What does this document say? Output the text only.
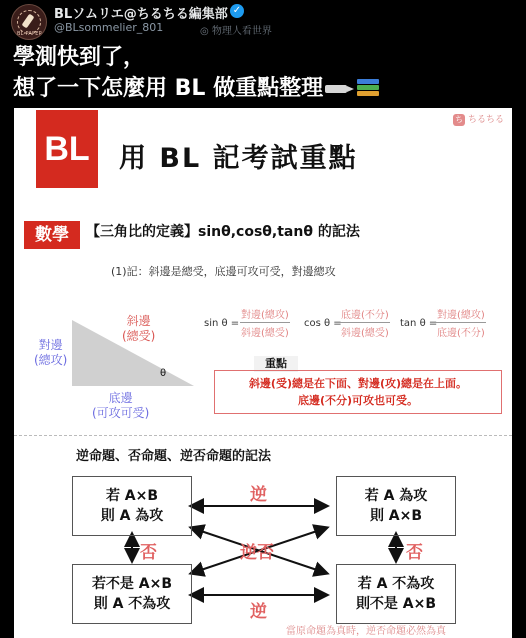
BL-PAPER
BLソムリエ@ちるちる編集部 ✓
@BLsommelier_801	◎ 物理人看世界
學測快到了，
想了一下怎麼用 BL 做重點整理
BL
ち ちるちる
用 BL 記考試重點
數學	【三角比的定義】sinθ,cosθ,tanθ 的記法
(1)記：斜邊是總受，底邊可攻可受，對邊總攻
θ
斜邊
(總受)
對邊
(總攻)
底邊
(可攻可受)
sin θ =
對邊(總攻)
斜邊(總受)
cos θ =
底邊(不分)
斜邊(總受)
tan θ =
對邊(總攻)
底邊(不分)
重點
斜邊(受)總是在下面、對邊(攻)總是在上面。
底邊(不分)可攻也可受。
逆命題、否命題、逆否命題的記法
若 A×B
則 A 為攻
若 A 為攻
則 A×B
若不是 A×B
則 A 不為攻
若 A 不為攻
則不是 A×B
逆
否	逆否	否
逆
當原命題為真時，逆否命題必然為真
